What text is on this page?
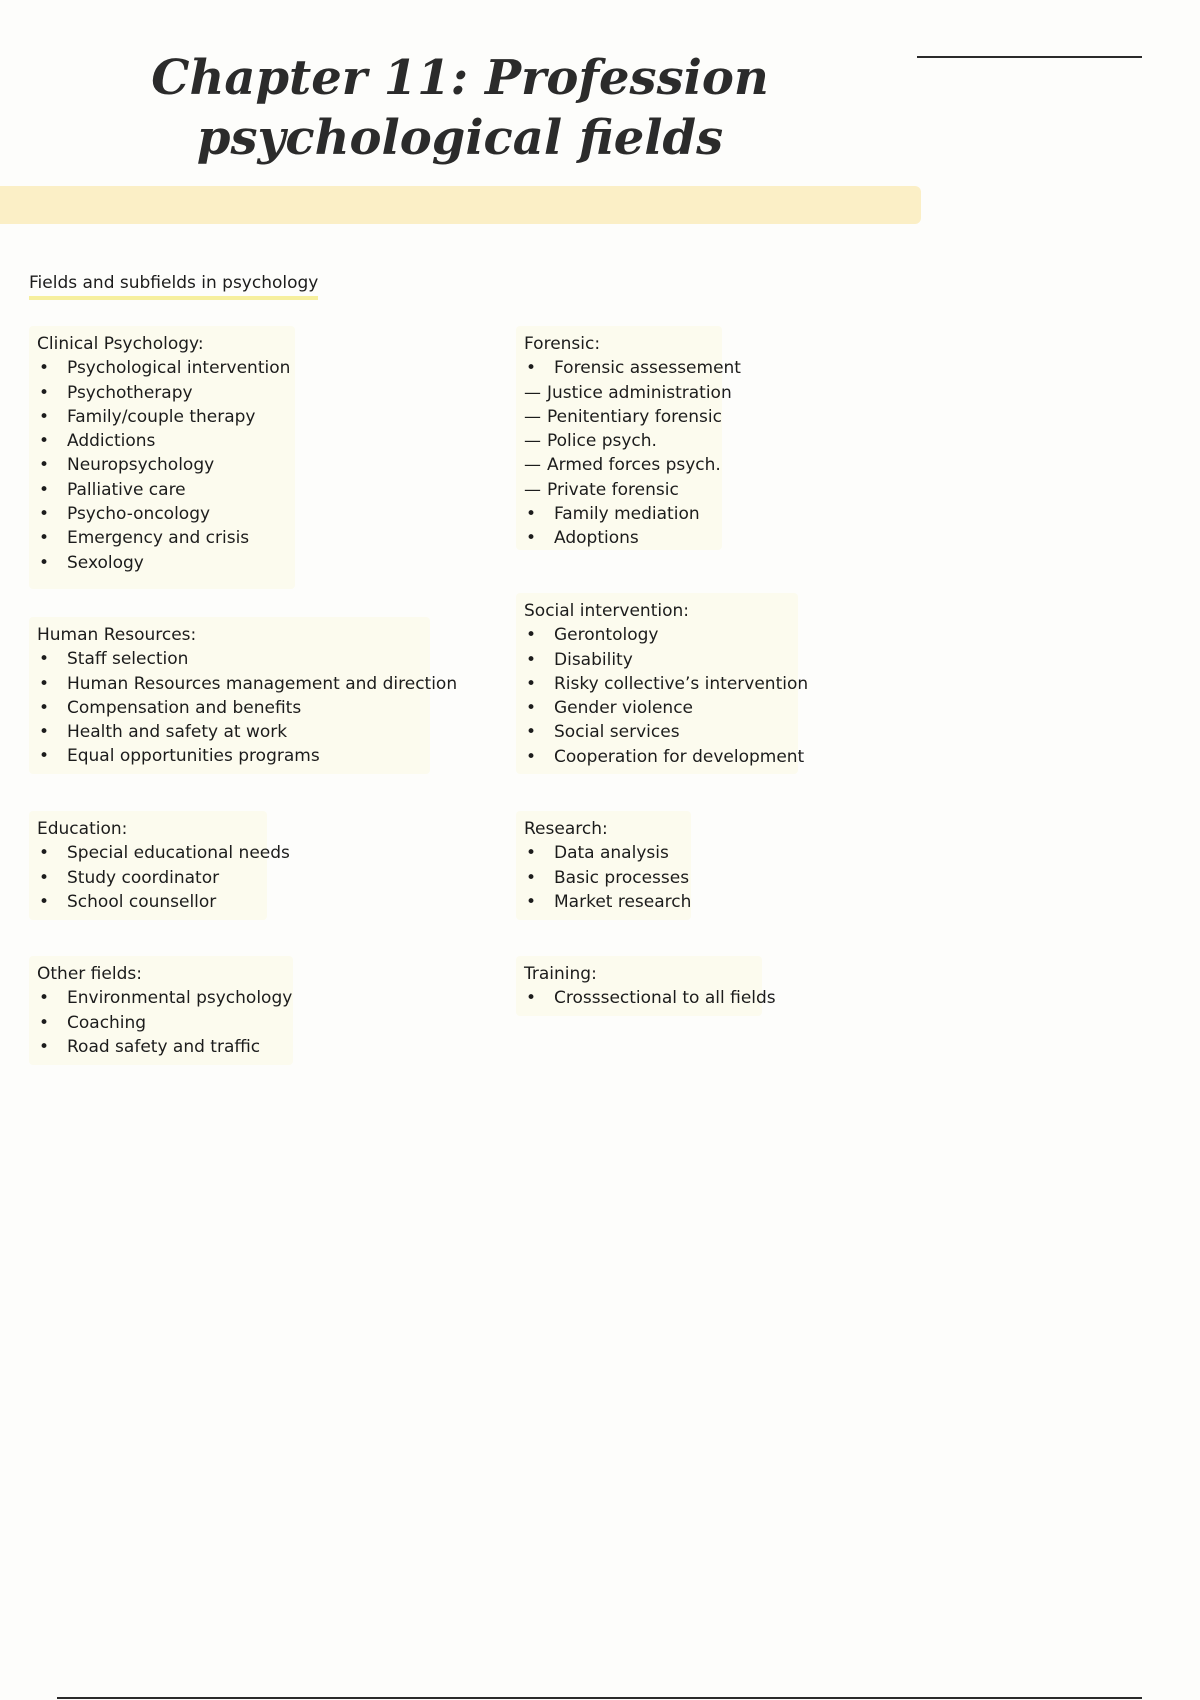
Chapter 11: Profession
psychological fields
Fields and subfields in psychology
Clinical Psychology:
• Psychological intervention
• Psychotherapy
• Family/couple therapy
• Addictions
• Neuropsychology
• Palliative care
• Psycho-oncology
• Emergency and crisis
• Sexology
Human Resources:
• Staff selection
• Human Resources management and direction
• Compensation and benefits
• Health and safety at work
• Equal opportunities programs
Education:
• Special educational needs
• Study coordinator
• School counsellor
Other fields:
• Environmental psychology
• Coaching
• Road safety and traffic
Forensic:
• Forensic assessement
— Justice administration
— Penitentiary forensic
— Police psych.
— Armed forces psych.
— Private forensic
• Family mediation
• Adoptions
Social intervention:
• Gerontology
• Disability
• Risky collective’s intervention
• Gender violence
• Social services
• Cooperation for development
Research:
• Data analysis
• Basic processes
• Market research
Training:
• Crosssectional to all fields
